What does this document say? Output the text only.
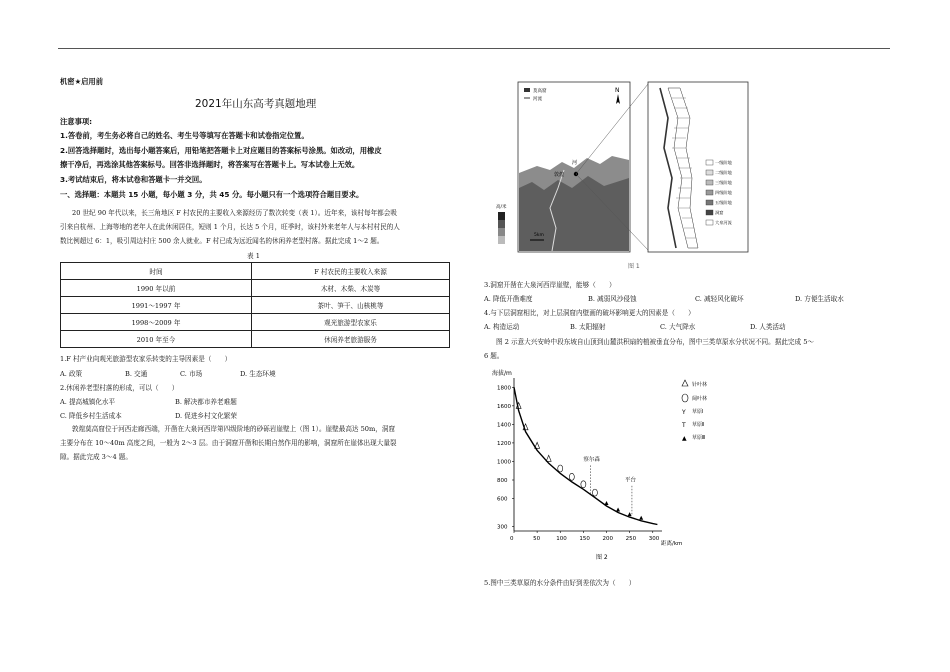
机密★启用前
2021年山东高考真题地理
注意事项:
1.答卷前，考生务必将自己的姓名、考生号等填写在答题卡和试卷指定位置。
2.回答选择题时，选出每小题答案后，用铅笔把答题卡上对应题目的答案标号涂黑。如改动，用橡皮
擦干净后，再选涂其他答案标号。回答非选择题时，将答案写在答题卡上。写本试卷上无效。
3.考试结束后，将本试卷和答题卡一并交回。
一、选择题：本题共 15 小题，每小题 3 分，共 45 分。每小题只有一个选项符合题目要求。
20 世纪 90 年代以来，长三角地区 F 村农民的主要收入来源经历了数次转变（表 1）。近年来，该村每年都会吸
引来自杭州、上海等地的老年人在此休闲居住，短则 1 个月，长达 5 个月，旺季时，该村外来老年人与本村村民的人
数比例超过 6：1，吸引周边村庄 500 余人就业。F 村已成为远近闻名的休闲养老型村落。据此完成 1～2 题。
表 1
时间	F 村农民的主要收入来源
1990 年以前	木材、木柴、木炭等
1991～1997 年	茶叶、笋干、山核桃等
1998～2009 年	观光旅游型农家乐
2010 年至今	休闲养老旅游服务
1.F 村产业向观光旅游型农家乐转变的主导因素是（　　）
A. 政策	B. 交通	C. 市场	D. 生态环境
2.休闲养老型村落的形成，可以（　　）
A. 提高城镇化水平	B. 解决都市养老难题
C. 降低乡村生活成本	D. 促进乡村文化繁荣
敦煌莫高窟位于河西走廊西端，开凿在大泉河西岸第四级阶地的砂砾岩崖壁上（图 1）。崖壁最高达 50m，洞窟
主要分布在 10～40m 高度之间，一般为 2～3 层。由于洞窟开凿和长期自然作用的影响，洞窟所在崖体出现大量裂
隙。据此完成 3～4 题。
河
敦煌
莫高窟
河流
N
高/米
5km
一级阶地
二级阶地
三级阶地
四级阶地
五级阶地
洞窟
大泉河流
图 1
3.洞窟开凿在大泉河西岸崖壁，能够（　　）
A. 降低开凿难度	B. 减弱风沙侵蚀	C. 减轻风化破坏	D. 方便生活取水
4.与下层洞窟相比，对上层洞窟内壁画的破坏影响更大的因素是（　　）
A. 构造运动	B. 太阳辐射	C. 大气降水	D. 人类活动
图 2 示意大兴安岭中段东坡自山顶到山麓洪积扇的植被垂直分布，图中三类草原水分状况不同。据此完成 5～
6 题。
0	50	100 150 200 250 300
300
600
800
1000
1200
1400
1600
1800
察尔森
平台
海拔/m
距离/km
图 2
针叶林
阔叶林
Y 草原Ⅰ
T 草原Ⅱ
▲ 草原Ⅲ
5.图中三类草原的水分条件由好到差依次为（　　）
